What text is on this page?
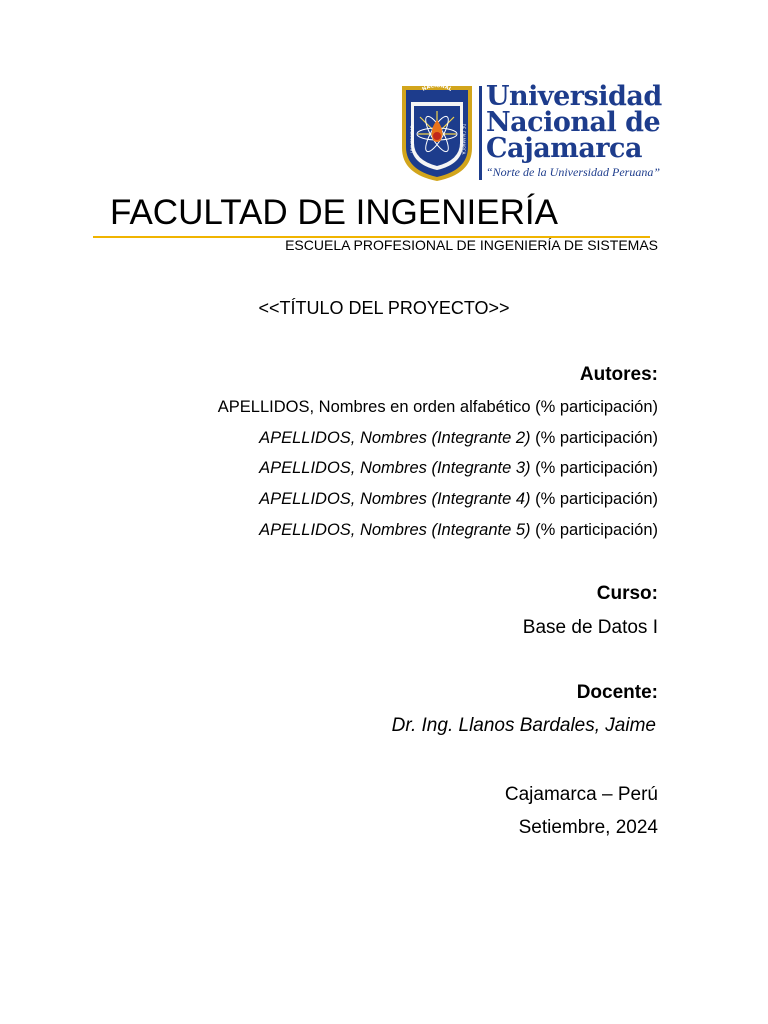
NACIONAL
UNIVERSIDAD	DE CAJAMARCA
Universidad
Nacional de
Cajamarca
“Norte de la Universidad Peruana”
FACULTAD DE INGENIERÍA
ESCUELA PROFESIONAL DE INGENIERÍA DE SISTEMAS
<<TÍTULO DEL PROYECTO>>
Autores:
APELLIDOS, Nombres en orden alfabético (% participación)
APELLIDOS, Nombres (Integrante 2) (% participación)
APELLIDOS, Nombres (Integrante 3) (% participación)
APELLIDOS, Nombres (Integrante 4) (% participación)
APELLIDOS, Nombres (Integrante 5) (% participación)
Curso:
Base de Datos I
Docente:
Dr. Ing. Llanos Bardales, Jaime
Cajamarca – Perú
Setiembre, 2024
